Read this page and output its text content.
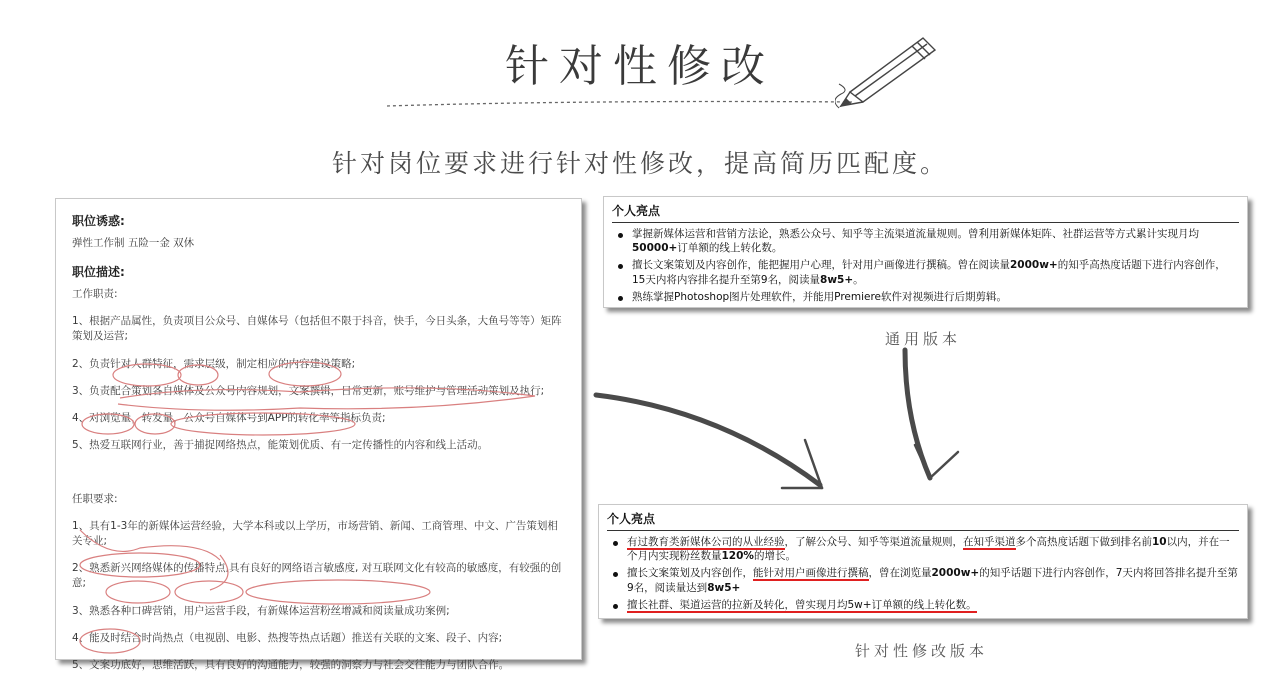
针对性修改
针对岗位要求进行针对性修改，提高简历匹配度。
职位诱惑:
弹性工作制 五险一金 双休
职位描述:
工作职责:
1、根据产品属性，负责项目公众号、自媒体号（包括但不限于抖音，快手，今日头条，大鱼号等等）矩阵策划及运营;
2、负责针对人群特征，需求层级，制定相应的内容建设策略;
3、负责配合策划各自媒体及公众号内容规划，文案撰辑，日常更新，账号维护与管理活动策划及执行;
4、对浏览量，转发量，公众号自媒体号到APP的转化率等指标负责;
5、热爱互联网行业，善于捕捉网络热点，能策划优质、有一定传播性的内容和线上活动。
任职要求:
1、具有1-3年的新媒体运营经验，大学本科或以上学历，市场营销、新闻、工商管理、中文、广告策划相关专业;
2、熟悉新兴网络媒体的传播特点,具有良好的网络语言敏感度, 对互联网文化有较高的敏感度，有较强的创意;
3、熟悉各种口碑营销，用户运营手段，有新媒体运营粉丝增减和阅读量成功案例;
4、能及时结合时尚热点（电视剧、电影、热搜等热点话题）推送有关联的文案、段子、内容;
5、文案功底好，思维活跃，具有良好的沟通能力，较强的洞察力与社会交往能力与团队合作。
个人亮点
掌握新媒体运营和营销方法论，熟悉公众号、知乎等主流渠道流量规则。曾利用新媒体矩阵、社群运营等方式累计实现月均50000+订单额的线上转化数。
擅长文案策划及内容创作，能把握用户心理，针对用户画像进行撰稿。曾在阅读量2000w+的知乎高热度话题下进行内容创作，15天内将内容排名提升至第9名，阅读量8w5+。
熟练掌握Photoshop图片处理软件，并能用Premiere软件对视频进行后期剪辑。
通用版本
个人亮点
有过教育类新媒体公司的从业经验，了解公众号、知乎等渠道流量规则，在知乎渠道多个高热度话题下做到排名前10以内，并在一个月内实现粉丝数量120%的增长。
擅长文案策划及内容创作，能针对用户画像进行撰稿，曾在浏览量2000w+的知乎话题下进行内容创作，7天内将回答排名提升至第9名，阅读量达到8w5+
擅长社群、渠道运营的拉新及转化，曾实现月均5w+订单额的线上转化数。
针对性修改版本
